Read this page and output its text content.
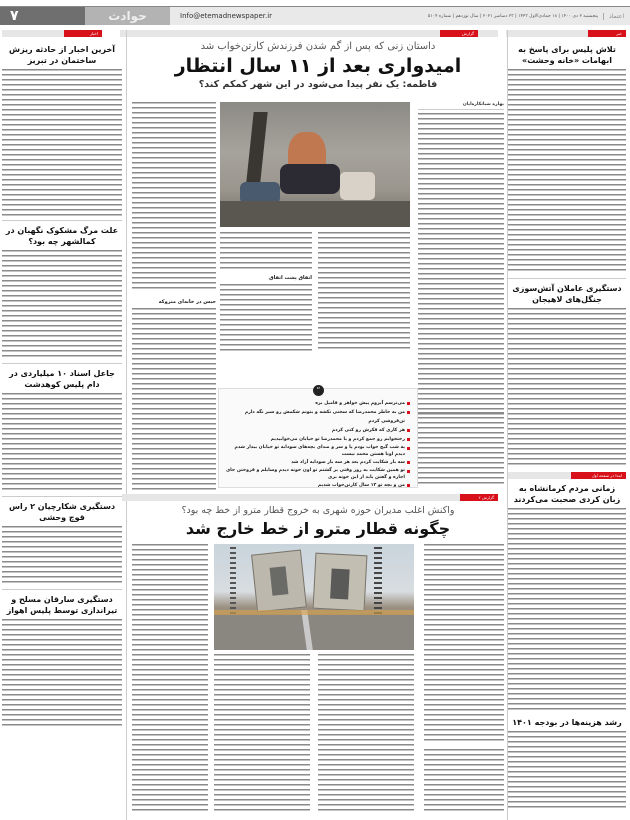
۷	حوادث	Info@etemadnewspaper.ir	پنجشنبه ۲ دی ۱۴۰۰ | ۱۸ جمادی‌الاول ۱۴۴۳ | ۲۳ دسامبر ۲۰۲۱ | سال نوزدهم | شماره ۵۱۰۴	اعتماد
خبر
گزارش
اخبار
تلاش پلیس برای پاسخ به ابهامات «خانه وحشت»
دستگیری عاملان آتش‌سوزی جنگل‌های لاهیجان
ابتدا در صفحه اول
زمانی مردم کرمانشاه به زبان کردی صحبت می‌کردند
رشد هزینه‌ها در بودجه ۱۴۰۱
داستان زنی که پس از گم شدن فرزندش کارتن‌خواب شد
امیدواری بعد از ۱۱ سال انتظار
فاطمه: یک نفر پیدا می‌شود در این شهر کمکم کند؟
بهاره شبانکاره‌ایان
اتفاق پشت اتفاق
حبس در خانه‌ای متروکه
“
می‌ترسم آبروم پیش خواهر و فامیل بره
من به خاطر محمدرضا که سختی نکشه و بتونم شکمش رو سیر نگه دارم تن‌فروشی کردم
هر کاری که فکرش رو کنی کردم
رختخوابم رو جمع کردم و با محمدرضا تو خیابان می‌خوابیدیم
یه شب گیج خواب بودم پا و سر و صدای بچه‌های سودابه تو خیابان بیدار شدم دیدم اونا هستن محمد نیست
سه بار شکایت کردم بعد هر سه بار سودابه آزاد شد
تو همین شکایت به روز وقتی بر گشتم تو اون خونه دیدم وسایلم و فروختن جای اجاره و گفتن باید از این خونه بری
من و بچه تو ۱۳ سال کارتن‌خواب شدیم
گزارش ۲
واکنش اغلب مدیران حوزه شهری به خروج قطار مترو از خط چه بود؟
چگونه قطار مترو از خط خارج شد
آخرین اخبار از حادثه ریزش ساختمان در تبریز
علت مرگ مشکوک نگهبان در کمالشهر چه بود؟
جاعل اسناد ۱۰ میلیاردی در دام پلیس کوهدشت
دستگیری شکارچیان ۲ راس قوچ وحشی
دستگیری سارقان مسلح و تیراندازی توسط پلیس اهواز
